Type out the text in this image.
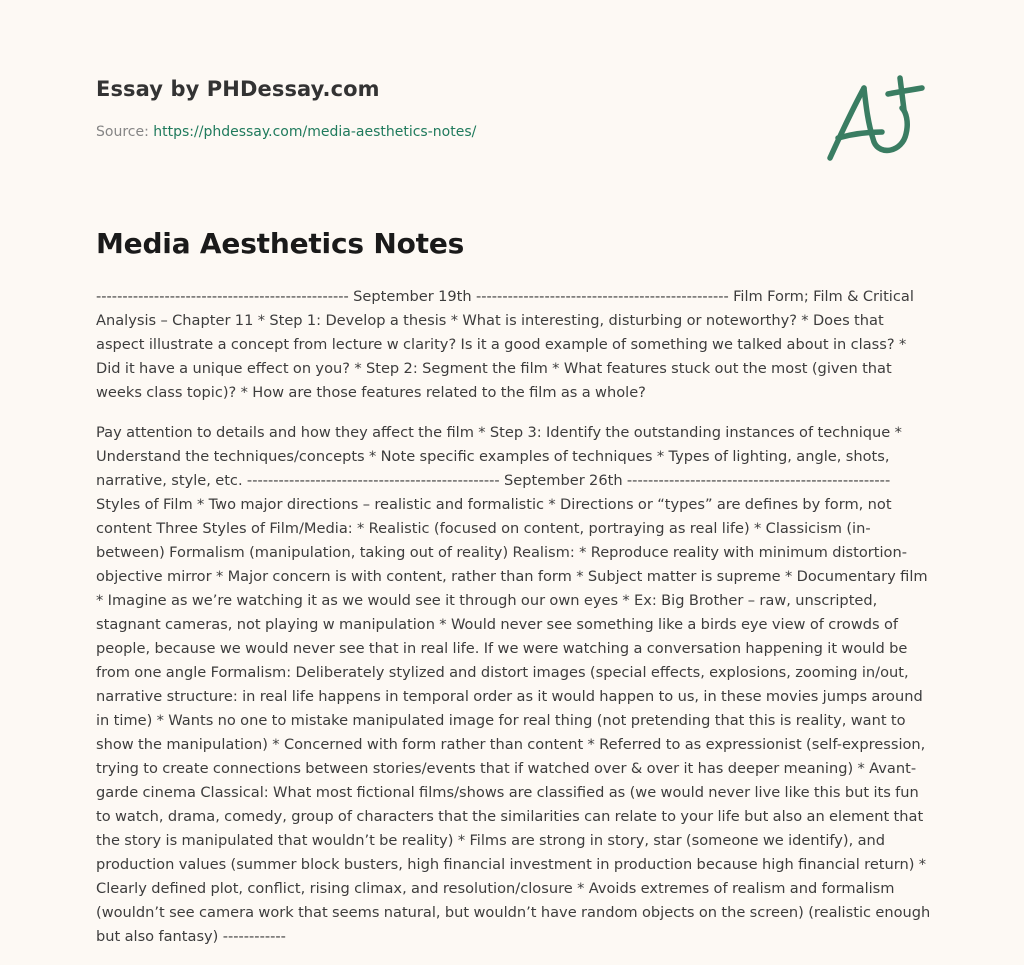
Essay by PHDessay.com
Source: https://phdessay.com/media-aesthetics-notes/
Media Aesthetics Notes

------------------------------------------------ September 19th ------------------------------------------------ Film Form; Film & Critical Analysis – Chapter 11 * Step 1: Develop a thesis * What is interesting, disturbing or noteworthy? * Does that aspect illustrate a concept from lecture w clarity? Is it a good example of something we talked about in class? * Did it have a unique effect on you? * Step 2: Segment the film * What features stuck out the most (given that weeks class topic)? * How are those features related to the film as a whole?

Pay attention to details and how they affect the film * Step 3: Identify the outstanding instances of technique * Understand the techniques/concepts * Note specific examples of techniques * Types of lighting, angle, shots, narrative, style, etc. ------------------------------------------------ September 26th -------------------------------------------------- Styles of Film * Two major directions – realistic and formalistic * Directions or “types” are defines by form, not content Three Styles of Film/Media: * Realistic (focused on content, portraying as real life) * Classicism (in-between) Formalism (manipulation, taking out of reality) Realism: * Reproduce reality with minimum distortion-objective mirror * Major concern is with content, rather than form * Subject matter is supreme * Documentary film * Imagine as we’re watching it as we would see it through our own eyes * Ex: Big Brother – raw, unscripted, stagnant cameras, not playing w manipulation * Would never see something like a birds eye view of crowds of people, because we would never see that in real life. If we were watching a conversation happening it would be from one angle Formalism: Deliberately stylized and distort images (special effects, explosions, zooming in/out, narrative structure: in real life happens in temporal order as it would happen to us, in these movies jumps around in time) * Wants no one to mistake manipulated image for real thing (not pretending that this is reality, want to show the manipulation) * Concerned with form rather than content * Referred to as expressionist (self-expression, trying to create connections between stories/events that if watched over & over it has deeper meaning) * Avant-garde cinema Classical: What most fictional films/shows are classified as (we would never live like this but its fun to watch, drama, comedy, group of characters that the similarities can relate to your life but also an element that the story is manipulated that wouldn’t be reality) * Films are strong in story, star (someone we identify), and production values (summer block busters, high financial investment in production because high financial return) * Clearly defined plot, conflict, rising climax, and resolution/closure * Avoids extremes of realism and formalism (wouldn’t see camera work that seems natural, but wouldn’t have random objects on the screen) (realistic enough but also fantasy) ------------
